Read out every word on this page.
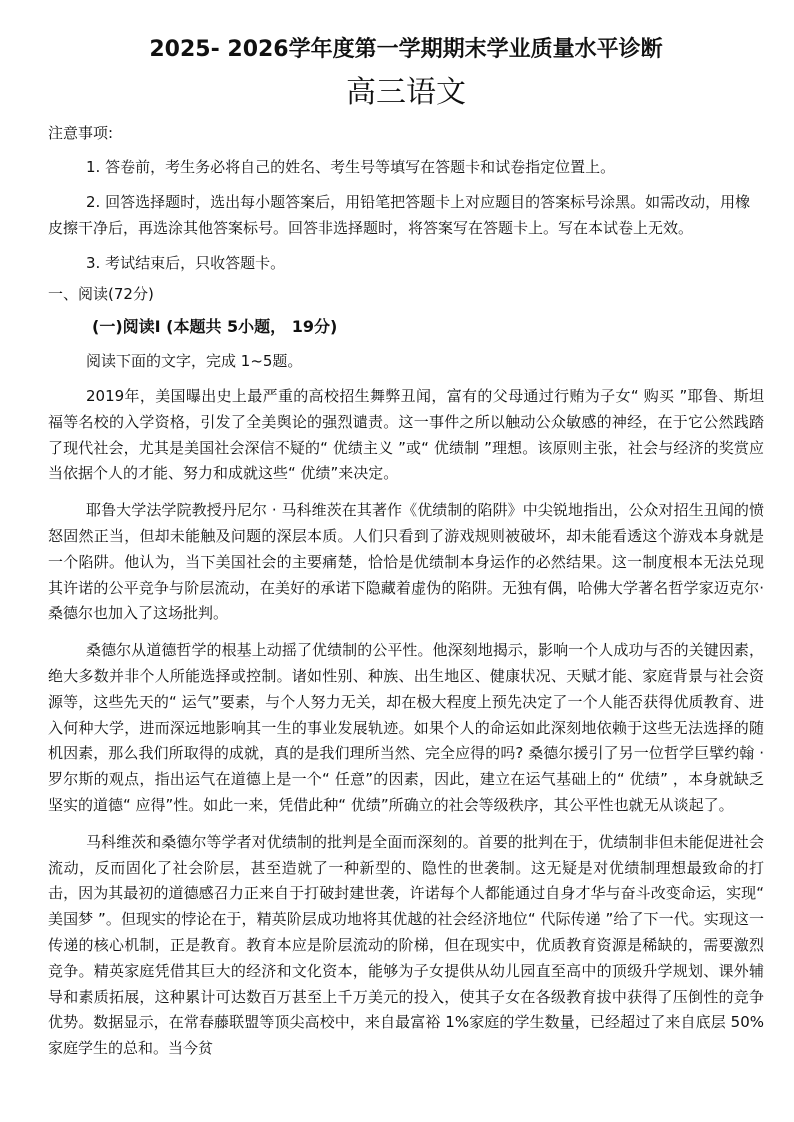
2025- 2026学年度第一学期期末学业质量水平诊断
高三语文
注意事项:

1. 答卷前，考生务必将自己的姓名、考生号等填写在答题卡和试卷指定位置上。

2. 回答选择题时，选出每小题答案后，用铅笔把答题卡上对应题目的答案标号涂黑。如需改动，用橡皮擦干净后，再选涂其他答案标号。回答非选择题时，将答案写在答题卡上。写在本试卷上无效。

3. 考试结束后，只收答题卡。

一、阅读(72分)
(一)阅读Ⅰ (本题共 5小题， 19分)
阅读下面的文字，完成 1~5题。

2019年，美国曝出史上最严重的高校招生舞弊丑闻，富有的父母通过行贿为子女“ 购买 ”耶鲁、斯坦福等名校的入学资格，引发了全美舆论的强烈谴责。这一事件之所以触动公众敏感的神经，在于它公然践踏了现代社会，尤其是美国社会深信不疑的“ 优绩主义 ”或“ 优绩制 ”理想。该原则主张，社会与经济的奖赏应当依据个人的才能、努力和成就这些“ 优绩”来决定。

耶鲁大学法学院教授丹尼尔 · 马科维茨在其著作《优绩制的陷阱》中尖锐地指出，公众对招生丑闻的愤怒固然正当，但却未能触及问题的深层本质。人们只看到了游戏规则被破坏，却未能看透这个游戏本身就是一个陷阱。他认为，当下美国社会的主要痛楚，恰恰是优绩制本身运作的必然结果。这一制度根本无法兑现其许诺的公平竞争与阶层流动，在美好的承诺下隐藏着虚伪的陷阱。无独有偶，哈佛大学著名哲学家迈克尔· 桑德尔也加入了这场批判。

桑德尔从道德哲学的根基上动摇了优绩制的公平性。他深刻地揭示，影响一个人成功与否的关键因素，绝大多数并非个人所能选择或控制。诸如性别、种族、出生地区、健康状况、天赋才能、家庭背景与社会资源等，这些先天的“ 运气”要素，与个人努力无关，却在极大程度上预先决定了一个人能否获得优质教育、进入何种大学，进而深远地影响其一生的事业发展轨迹。如果个人的命运如此深刻地依赖于这些无法选择的随机因素，那么我们所取得的成就，真的是我们理所当然、完全应得的吗? 桑德尔援引了另一位哲学巨擘约翰 · 罗尔斯的观点，指出运气在道德上是一个“ 任意”的因素，因此，建立在运气基础上的“ 优绩” ，本身就缺乏坚实的道德“ 应得”性。如此一来，凭借此种“ 优绩”所确立的社会等级秩序，其公平性也就无从谈起了。

马科维茨和桑德尔等学者对优绩制的批判是全面而深刻的。首要的批判在于，优绩制非但未能促进社会流动，反而固化了社会阶层，甚至造就了一种新型的、隐性的世袭制。这无疑是对优绩制理想最致命的打击，因为其最初的道德感召力正来自于打破封建世袭，许诺每个人都能通过自身才华与奋斗改变命运，实现“ 美国梦 ”。但现实的悖论在于，精英阶层成功地将其优越的社会经济地位“ 代际传递 ”给了下一代。实现这一传递的核心机制，正是教育。教育本应是阶层流动的阶梯，但在现实中，优质教育资源是稀缺的，需要激烈竞争。精英家庭凭借其巨大的经济和文化资本，能够为子女提供从幼儿园直至高中的顶级升学规划、课外辅导和素质拓展，这种累计可达数百万甚至上千万美元的投入，使其子女在各级教育拔中获得了压倒性的竞争优势。数据显示，在常春藤联盟等顶尖高校中，来自最富裕 1%家庭的学生数量，已经超过了来自底层 50%家庭学生的总和。当今贫
